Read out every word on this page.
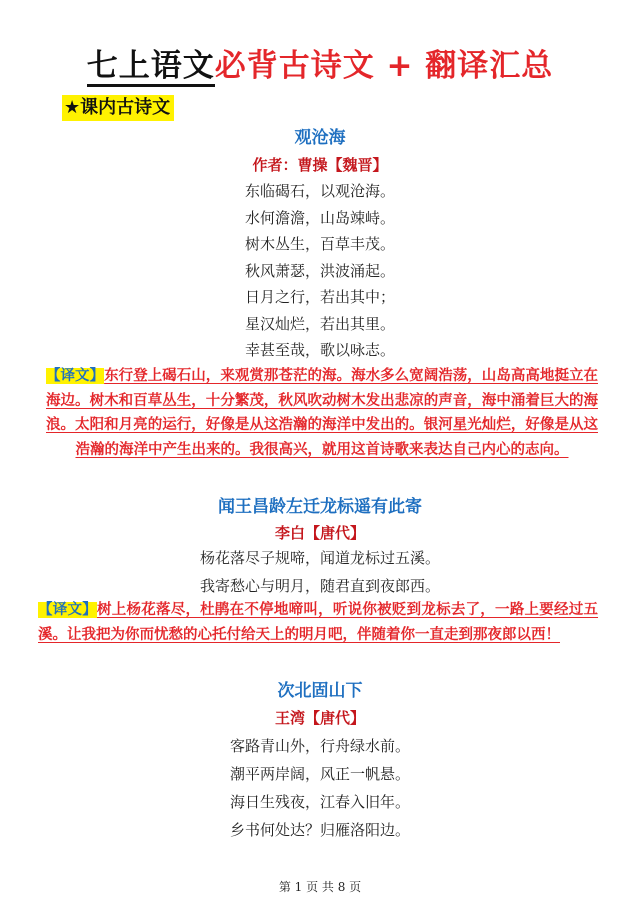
七上语文必背古诗文 + 翻译汇总
★课内古诗文
观沧海
作者：曹操【魏晋】
东临碣石，以观沧海。
水何澹澹，山岛竦峙。
树木丛生，百草丰茂。
秋风萧瑟，洪波涌起。
日月之行，若出其中；
星汉灿烂，若出其里。
幸甚至哉，歌以咏志。
【译文】东行登上碣石山，来观赏那苍茫的海。海水多么宽阔浩荡，山岛高高地挺立在海边。树木和百草丛生，十分繁茂，秋风吹动树木发出悲凉的声音，海中涌着巨大的海浪。太阳和月亮的运行，好像是从这浩瀚的海洋中发出的。银河星光灿烂，好像是从这浩瀚的海洋中产生出来的。我很高兴，就用这首诗歌来表达自己内心的志向。
闻王昌龄左迁龙标遥有此寄
李白【唐代】
杨花落尽子规啼，闻道龙标过五溪。
我寄愁心与明月，随君直到夜郎西。
【译文】树上杨花落尽，杜鹃在不停地啼叫，听说你被贬到龙标去了，一路上要经过五溪。让我把为你而忧愁的心托付给天上的明月吧，伴随着你一直走到那夜郎以西！
次北固山下
王湾【唐代】
客路青山外，行舟绿水前。
潮平两岸阔，风正一帆悬。
海日生残夜，江春入旧年。
乡书何处达？归雁洛阳边。
第 1 页 共 8 页
